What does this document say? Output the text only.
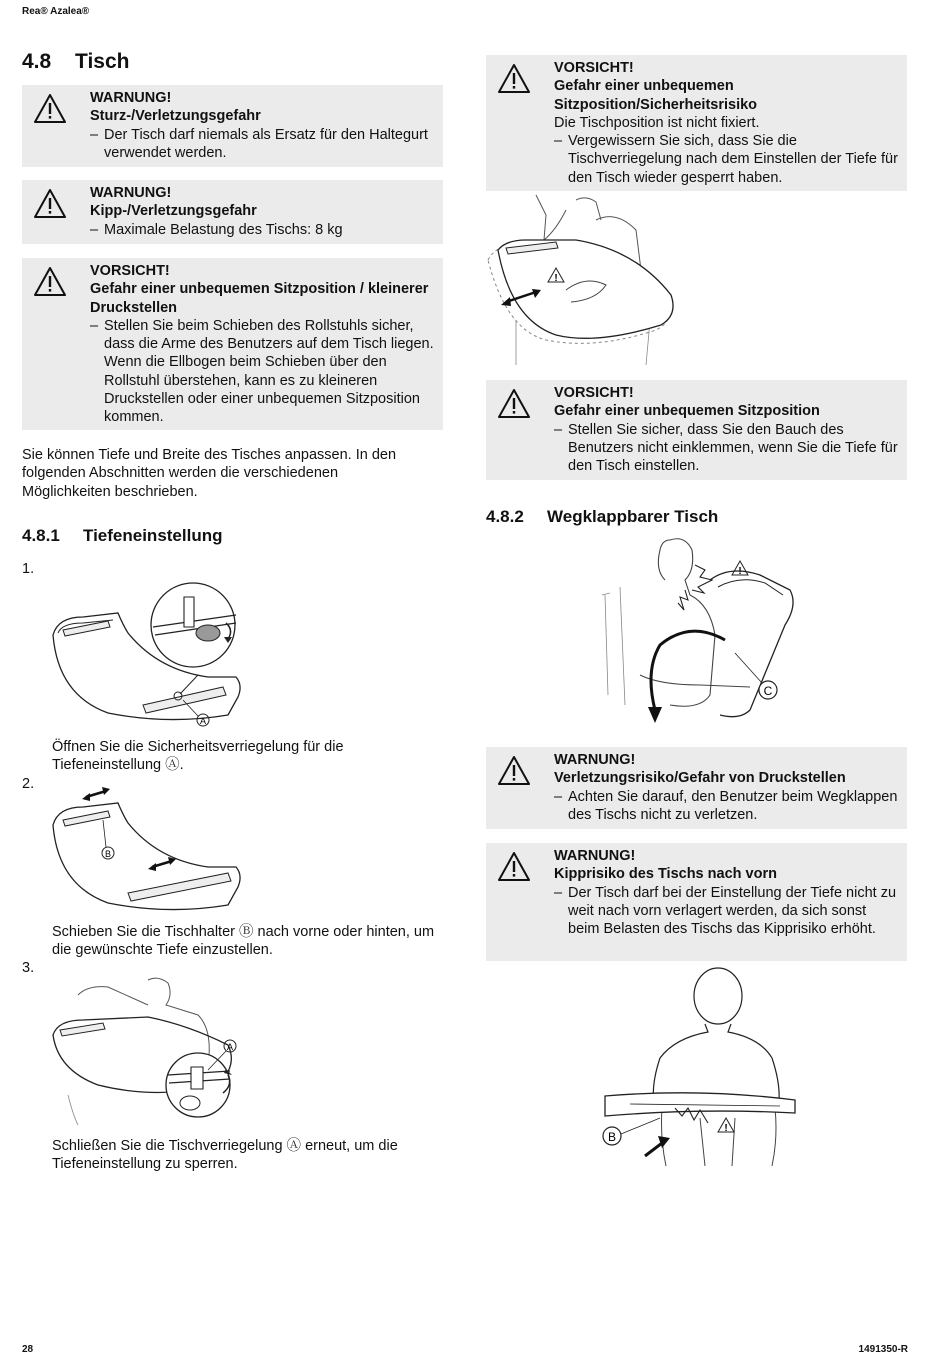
Rea® Azalea®
4.8 Tisch
WARNUNG!
Sturz-/Verletzungsgefahr
– Der Tisch darf niemals als Ersatz für den Haltegurt verwendet werden.
WARNUNG!
Kipp-/Verletzungsgefahr
– Maximale Belastung des Tischs: 8 kg
VORSICHT!
Gefahr einer unbequemen Sitzposition / kleinerer Druckstellen
– Stellen Sie beim Schieben des Rollstuhls sicher, dass die Arme des Benutzers auf dem Tisch liegen. Wenn die Ellbogen beim Schieben über den Rollstuhl überstehen, kann es zu kleineren Druckstellen oder einer unbequemen Sitzposition kommen.
Sie können Tiefe und Breite des Tisches anpassen. In den folgenden Abschnitten werden die verschiedenen Möglichkeiten beschrieben.
4.8.1 Tiefeneinstellung
1.
A
Öffnen Sie die Sicherheitsverriegelung für die Tiefeneinstellung Ⓐ.
2.
B
Schieben Sie die Tischhalter Ⓑ nach vorne oder hinten, um die gewünschte Tiefe einzustellen.
3.
A
Schließen Sie die Tischverriegelung Ⓐ erneut, um die Tiefeneinstellung zu sperren.
VORSICHT!
Gefahr einer unbequemen Sitzposition/Sicherheitsrisiko
Die Tischposition ist nicht fixiert.
– Vergewissern Sie sich, dass Sie die Tischverriegelung nach dem Einstellen der Tiefe für den Tisch wieder gesperrt haben.
!
VORSICHT!
Gefahr einer unbequemen Sitzposition
– Stellen Sie sicher, dass Sie den Bauch des Benutzers nicht einklemmen, wenn Sie die Tiefe für den Tisch einstellen.
4.8.2 Wegklappbarer Tisch
!
C
WARNUNG!
Verletzungsrisiko/Gefahr von Druckstellen
– Achten Sie darauf, den Benutzer beim Wegklappen des Tischs nicht zu verletzen.
WARNUNG!
Kipprisiko des Tischs nach vorn
– Der Tisch darf bei der Einstellung der Tiefe nicht zu weit nach vorn verlagert werden, da sich sonst beim Belasten des Tischs das Kipprisiko erhöht.
!
B
28	1491350-R
